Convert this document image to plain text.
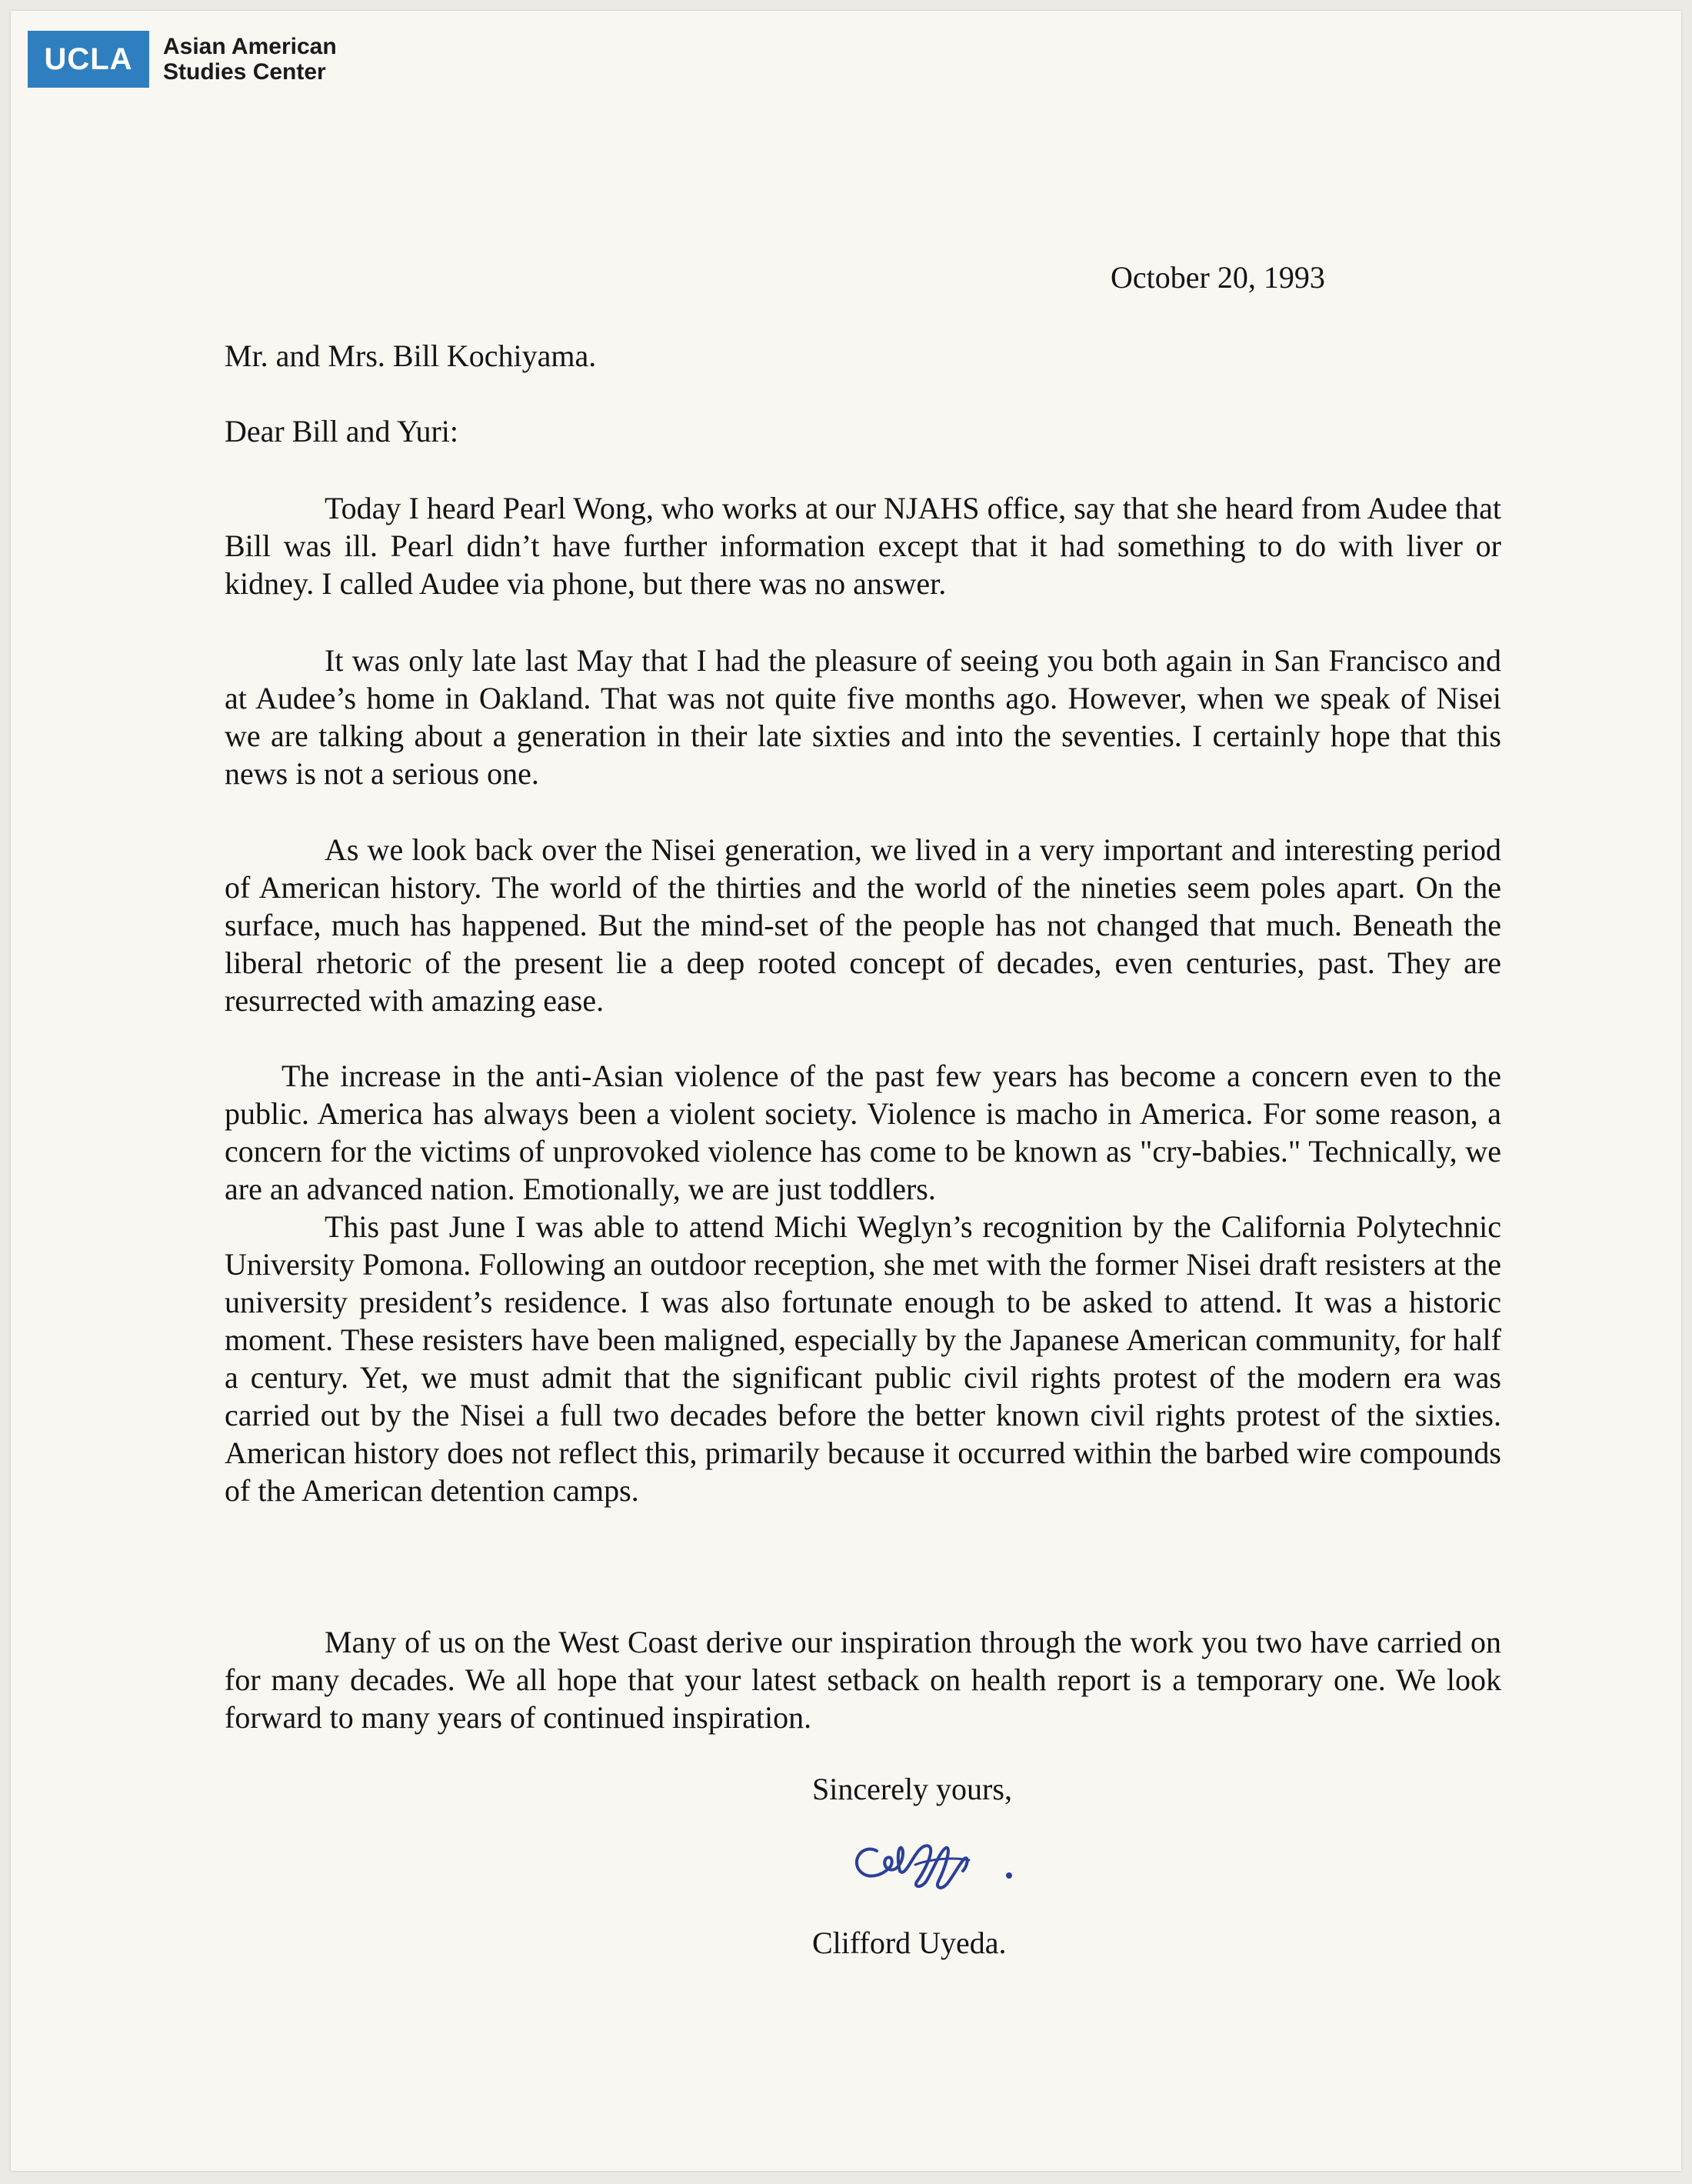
UCLA Asian American Studies Center
October 20, 1993
Mr. and Mrs. Bill Kochiyama.
Dear Bill and Yuri:

Today I heard Pearl Wong, who works at our NJAHS office, say that she heard from Audee that Bill was ill. Pearl didn’t have further information except that it had something to do with liver or kidney. I called Audee via phone, but there was no answer.

It was only late last May that I had the pleasure of seeing you both again in San Francisco and at Audee’s home in Oakland. That was not quite five months ago. However, when we speak of Nisei we are talking about a generation in their late sixties and into the seventies. I certainly hope that this news is not a serious one.

As we look back over the Nisei generation, we lived in a very important and interesting period of American history. The world of the thirties and the world of the nineties seem poles apart. On the surface, much has happened. But the mind-set of the people has not changed that much. Beneath the liberal rhetoric of the present lie a deep rooted concept of decades, even centuries, past. They are resurrected with amazing ease.

The increase in the anti-Asian violence of the past few years has become a concern even to the public. America has always been a violent society. Violence is macho in America. For some reason, a concern for the victims of unprovoked violence has come to be known as "cry-babies." Technically, we are an advanced nation. Emotionally, we are just toddlers.

This past June I was able to attend Michi Weglyn’s recognition by the California Polytechnic University Pomona. Following an outdoor reception, she met with the former Nisei draft resisters at the university president’s residence. I was also fortunate enough to be asked to attend. It was a historic moment. These resisters have been maligned, especially by the Japanese American community, for half a century. Yet, we must admit that the significant public civil rights protest of the modern era was carried out by the Nisei a full two decades before the better known civil rights protest of the sixties. American history does not reflect this, primarily because it occurred within the barbed wire compounds of the American detention camps.

Many of us on the West Coast derive our inspiration through the work you two have carried on for many decades. We all hope that your latest setback on health report is a temporary one. We look forward to many years of continued inspiration.

Sincerely yours,
Clifford Uyeda.
